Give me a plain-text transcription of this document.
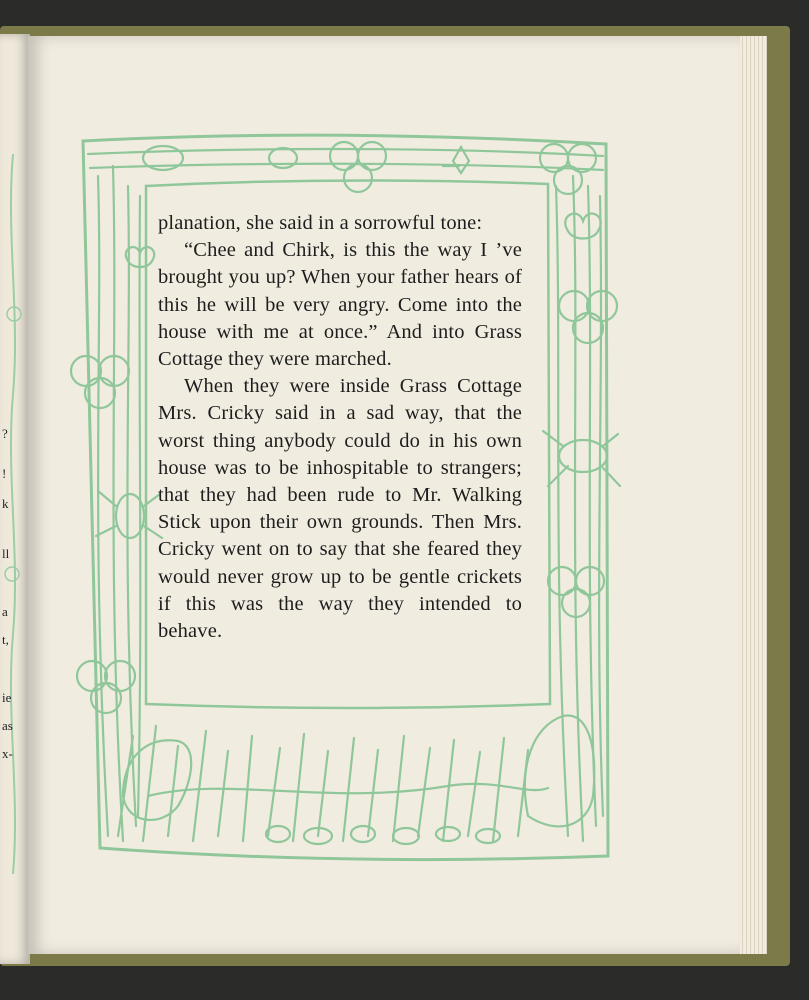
?
!
k
ll
a
t,
ie
as
x-

planation, she said in a sorrowful tone:

“Chee and Chirk, is this the way I ’ve brought you up? When your father hears of this he will be very angry. Come into the house with me at once.” And into Grass Cottage they were marched.

When they were inside Grass Cottage Mrs. Cricky said in a sad way, that the worst thing anybody could do in his own house was to be inhospitable to strangers; that they had been rude to Mr. Walking Stick upon their own grounds. Then Mrs. Cricky went on to say that she feared they would never grow up to be gentle crickets if this was the way they intended to behave.
